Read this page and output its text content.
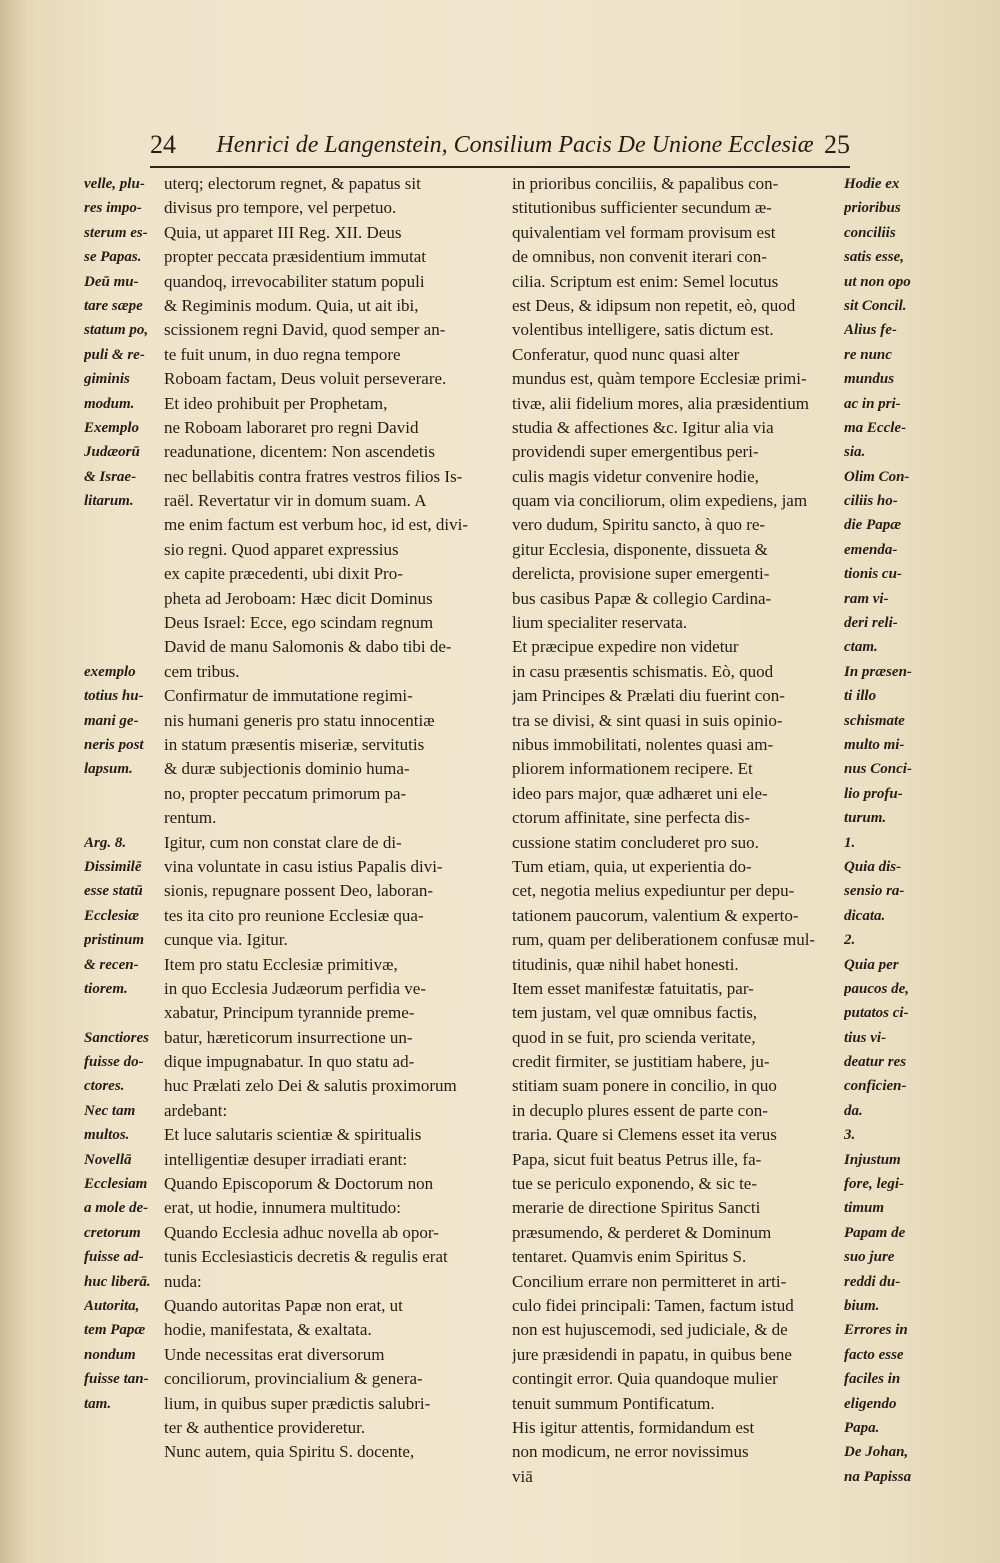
24 Henrici de Langenstein, Consilium Pacis De Unione Ecclesiæ 25
velle, plu-
res impo-
sterum es-
se Papas.
Deū mu-
tare sæpe
statum po,
puli & re-
giminis
modum.
Exemplo
Judæorū
& Israe-
litarum.
exemplo
totius hu-
mani ge-
neris post
lapsum.
Arg. 8.
Dissimilē
esse statū
Ecclesiæ
pristinum
& recen-
tiorem.
Sanctiores
fuisse do-
ctores.
Nec tam
multos.
Novellā
Ecclesiam
a mole de-
cretorum
fuisse ad-
huc liberā.
Autorita,
tem Papæ
nondum
fuisse tan-
tam.
uterq; electorum regnet, & papatus sit
divisus pro tempore, vel perpetuo.
Quia, ut apparet III Reg. XII. Deus
propter peccata præsidentium immutat
quandoq, irrevocabiliter statum populi
& Regiminis modum. Quia, ut ait ibi,
scissionem regni David, quod semper an-
te fuit unum, in duo regna tempore
Roboam factam, Deus voluit perseverare.
Et ideo prohibuit per Prophetam,
ne Roboam laboraret pro regni David
readunatione, dicentem: Non ascendetis
nec bellabitis contra fratres vestros filios Is-
raël. Revertatur vir in domum suam. A
me enim factum est verbum hoc, id est, divi-
sio regni. Quod apparet expressius
ex capite præcedenti, ubi dixit Pro-
pheta ad Jeroboam: Hæc dicit Dominus
Deus Israel: Ecce, ego scindam regnum
David de manu Salomonis & dabo tibi de-
cem tribus.
Confirmatur de immutatione regimi-
nis humani generis pro statu innocentiæ
in statum præsentis miseriæ, servitutis
& duræ subjectionis dominio huma-
no, propter peccatum primorum pa-
rentum.
Igitur, cum non constat clare de di-
vina voluntate in casu istius Papalis divi-
sionis, repugnare possent Deo, laboran-
tes ita cito pro reunione Ecclesiæ qua-
cunque via. Igitur.
Item pro statu Ecclesiæ primitivæ,
in quo Ecclesia Judæorum perfidia ve-
xabatur, Principum tyrannide preme-
batur, hæreticorum insurrectione un-
dique impugnabatur. In quo statu ad-
huc Prælati zelo Dei & salutis proximorum
ardebant:
Et luce salutaris scientiæ & spiritualis
intelligentiæ desuper irradiati erant:
Quando Episcoporum & Doctorum non
erat, ut hodie, innumera multitudo:
Quando Ecclesia adhuc novella ab opor-
tunis Ecclesiasticis decretis & regulis erat
nuda:
Quando autoritas Papæ non erat, ut
hodie, manifestata, & exaltata.
Unde necessitas erat diversorum
conciliorum, provincialium & genera-
lium, in quibus super prædictis salubri-
ter & authentice provideretur.
Nunc autem, quia Spiritu S. docente,
in prioribus conciliis, & papalibus con-
stitutionibus sufficienter secundum æ-
quivalentiam vel formam provisum est
de omnibus, non convenit iterari con-
cilia. Scriptum est enim: Semel locutus
est Deus, & idipsum non repetit, eò, quod
volentibus intelligere, satis dictum est.
Conferatur, quod nunc quasi alter
mundus est, quàm tempore Ecclesiæ primi-
tivæ, alii fidelium mores, alia præsidentium
studia & affectiones &c. Igitur alia via
providendi super emergentibus peri-
culis magis videtur convenire hodie,
quam via conciliorum, olim expediens, jam
vero dudum, Spiritu sancto, à quo re-
gitur Ecclesia, disponente, dissueta &
derelicta, provisione super emergenti-
bus casibus Papæ & collegio Cardina-
lium specialiter reservata.
Et præcipue expedire non videtur
in casu præsentis schismatis. Eò, quod
jam Principes & Prælati diu fuerint con-
tra se divisi, & sint quasi in suis opinio-
nibus immobilitati, nolentes quasi am-
pliorem informationem recipere. Et
ideo pars major, quæ adhæret uni ele-
ctorum affinitate, sine perfecta dis-
cussione statim concluderet pro suo.
Tum etiam, quia, ut experientia do-
cet, negotia melius expediuntur per depu-
tationem paucorum, valentium & experto-
rum, quam per deliberationem confusæ mul-
titudinis, quæ nihil habet honesti.
Item esset manifestæ fatuitatis, par-
tem justam, vel quæ omnibus factis,
quod in se fuit, pro scienda veritate,
credit firmiter, se justitiam habere, ju-
stitiam suam ponere in concilio, in quo
in decuplo plures essent de parte con-
traria. Quare si Clemens esset ita verus
Papa, sicut fuit beatus Petrus ille, fa-
tue se periculo exponendo, & sic te-
merarie de directione Spiritus Sancti
præsumendo, & perderet & Dominum
tentaret. Quamvis enim Spiritus S.
Concilium errare non permitteret in arti-
culo fidei principali: Tamen, factum istud
non est hujuscemodi, sed judiciale, & de
jure præsidendi in papatu, in quibus bene
contingit error. Quia quandoque mulier
tenuit summum Pontificatum.
His igitur attentis, formidandum est
non modicum, ne error novissimus
viā
Hodie ex
prioribus
conciliis
satis esse,
ut non opo
sit Concil.
Alius fe-
re nunc
mundus
ac in pri-
ma Eccle-
sia.
Olim Con-
ciliis ho-
die Papæ
emenda-
tionis cu-
ram vi-
deri reli-
ctam.
In præsen-
ti illo
schismate
multo mi-
nus Conci-
lio profu-
turum.
1.
Quia dis-
sensio ra-
dicata.
2.
Quia per
paucos de,
putatos ci-
tius vi-
deatur res
conficien-
da.
3.
Injustum
fore, legi-
timum
Papam de
suo jure
reddi du-
bium.
Errores in
facto esse
faciles in
eligendo
Papa.
De Johan,
na Papissa
